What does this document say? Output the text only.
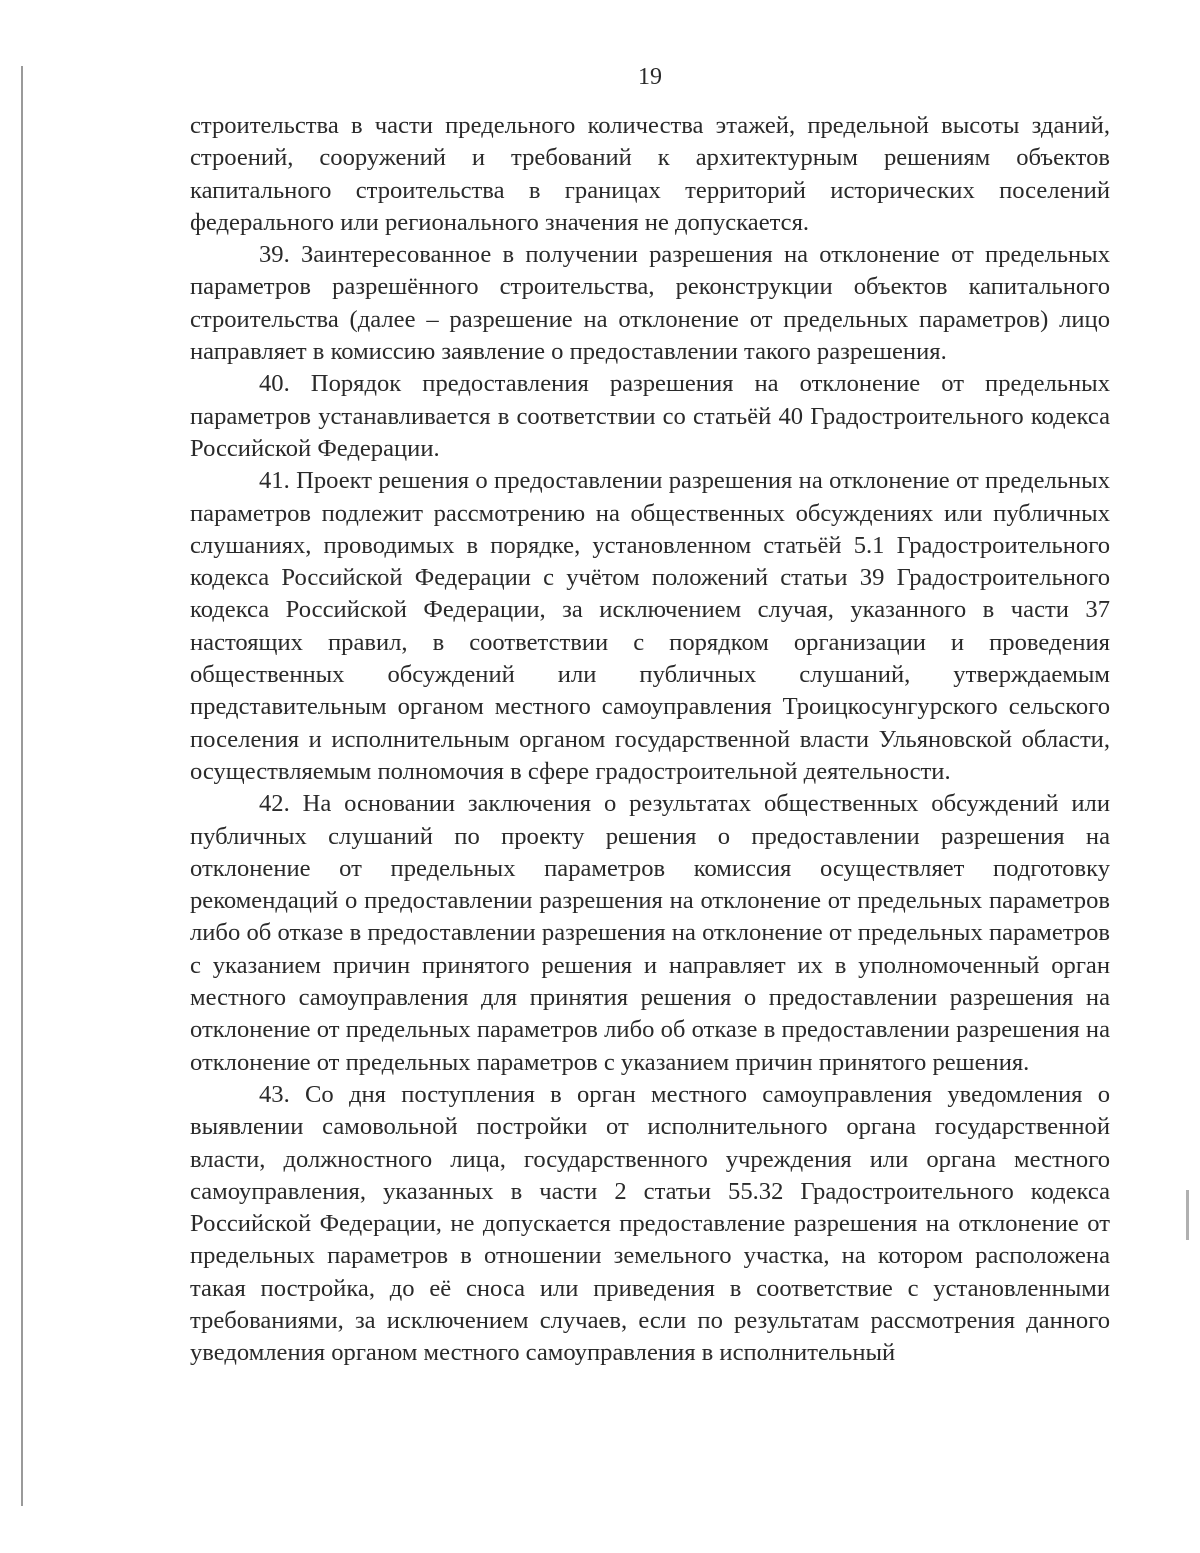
19

строительства в части предельного количества этажей, предельной высоты зданий, строений, сооружений и требований к архитектурным решениям объектов капитального строительства в границах территорий исторических поселений федерального или регионального значения не допускается.

39. Заинтересованное в получении разрешения на отклонение от предельных параметров разрешённого строительства, реконструкции объектов капитального строительства (далее – разрешение на отклонение от предельных параметров) лицо направляет в комиссию заявление о предоставлении такого разрешения.

40. Порядок предоставления разрешения на отклонение от предельных параметров устанавливается в соответствии со статьёй 40 Градостроительного кодекса Российской Федерации.

41. Проект решения о предоставлении разрешения на отклонение от предельных параметров подлежит рассмотрению на общественных обсуждениях или публичных слушаниях, проводимых в порядке, установленном статьёй 5.1 Градостроительного кодекса Российской Федерации с учётом положений статьи 39 Градостроительного кодекса Российской Федерации, за исключением случая, указанного в части 37 настоящих правил, в соответствии с порядком организации и проведения общественных обсуждений или публичных слушаний, утверждаемым представительным органом местного самоуправления Троицкосунгурского сельского поселения и исполнительным органом государственной власти Ульяновской области, осуществляемым полномочия в сфере градостроительной деятельности.

42. На основании заключения о результатах общественных обсуждений или публичных слушаний по проекту решения о предоставлении разрешения на отклонение от предельных параметров комиссия осуществляет подготовку рекомендаций о предоставлении разрешения на отклонение от предельных параметров либо об отказе в предоставлении разрешения на отклонение от предельных параметров с указанием причин принятого решения и направляет их в уполномоченный орган местного самоуправления для принятия решения о предоставлении разрешения на отклонение от предельных параметров либо об отказе в предоставлении разрешения на отклонение от предельных параметров с указанием причин принятого решения.

43. Со дня поступления в орган местного самоуправления уведомления о выявлении самовольной постройки от исполнительного органа государственной власти, должностного лица, государственного учреждения или органа местного самоуправления, указанных в части 2 статьи 55.32 Градостроительного кодекса Российской Федерации, не допускается предоставление разрешения на отклонение от предельных параметров в отношении земельного участка, на котором расположена такая постройка, до её сноса или приведения в соответствие с установленными требованиями, за исключением случаев, если по результатам рассмотрения данного уведомления органом местного самоуправления в исполнительный
